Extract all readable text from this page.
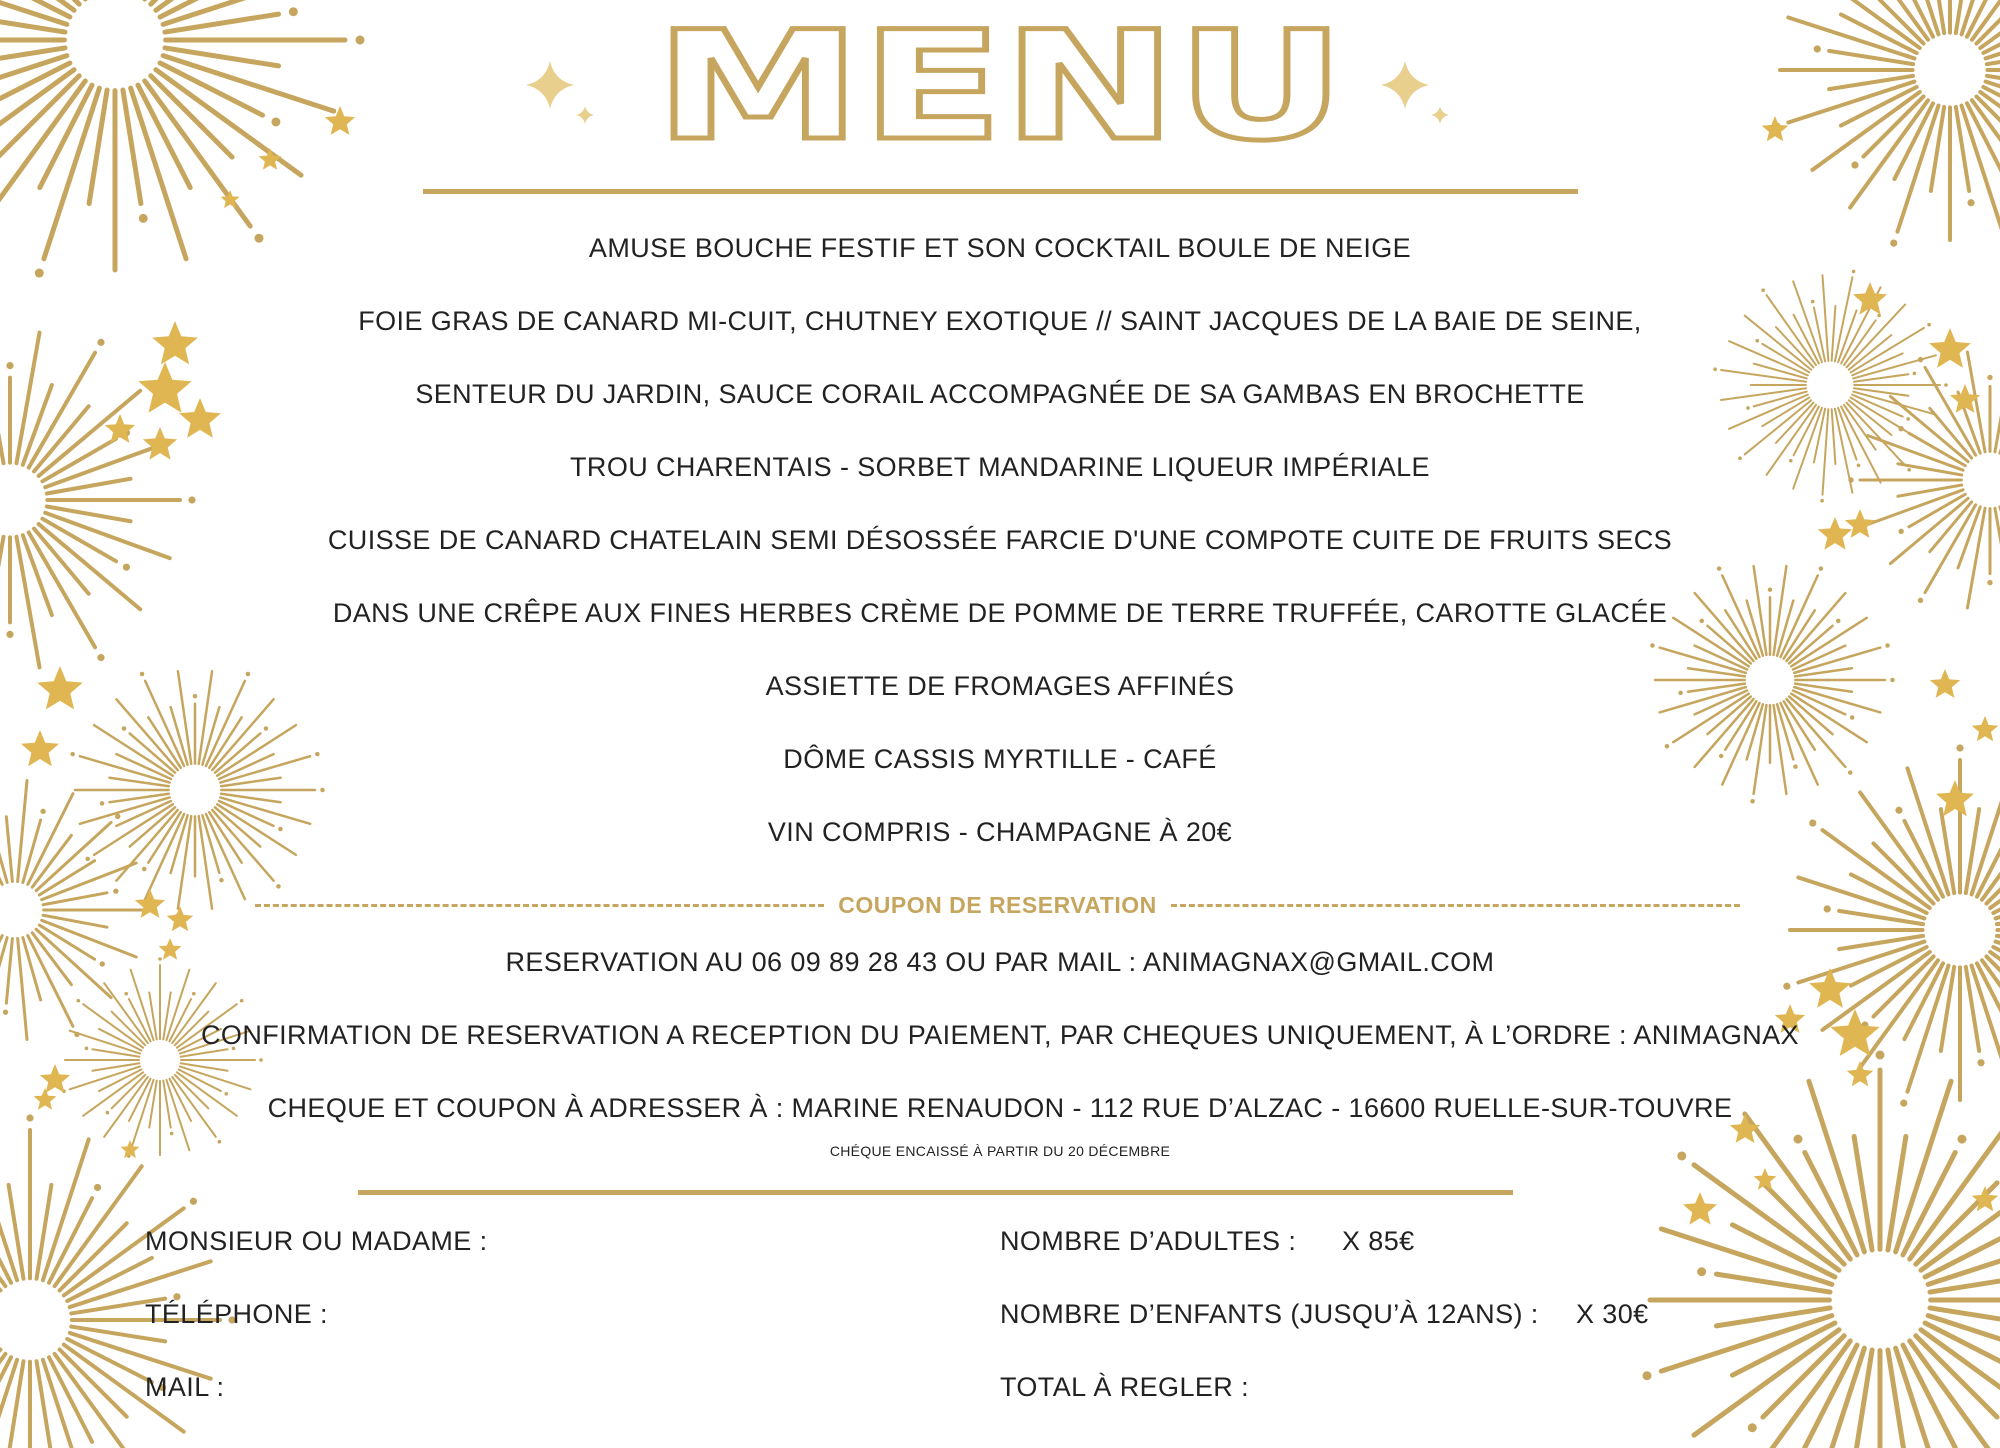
MENU
AMUSE BOUCHE FESTIF ET SON COCKTAIL BOULE DE NEIGE
FOIE GRAS DE CANARD MI-CUIT, CHUTNEY EXOTIQUE // SAINT JACQUES DE LA BAIE DE SEINE,
SENTEUR DU JARDIN, SAUCE CORAIL ACCOMPAGNÉE DE SA GAMBAS EN BROCHETTE
TROU CHARENTAIS - SORBET MANDARINE LIQUEUR IMPÉRIALE
CUISSE DE CANARD CHATELAIN SEMI DÉSOSSÉE FARCIE D'UNE COMPOTE CUITE DE FRUITS SECS
DANS UNE CRÊPE AUX FINES HERBES CRÈME DE POMME DE TERRE TRUFFÉE, CAROTTE GLACÉE
ASSIETTE DE FROMAGES AFFINÉS
DÔME CASSIS MYRTILLE - CAFÉ
VIN COMPRIS - CHAMPAGNE À 20€
COUPON DE RESERVATION
RESERVATION AU 06 09 89 28 43 OU PAR MAIL : ANIMAGNAX@GMAIL.COM
CONFIRMATION DE RESERVATION A RECEPTION DU PAIEMENT, PAR CHEQUES UNIQUEMENT, À L’ORDRE : ANIMAGNAX
CHEQUE ET COUPON À ADRESSER À : MARINE RENAUDON - 112 RUE D’ALZAC - 16600 RUELLE-SUR-TOUVRE
CHÉQUE ENCAISSÉ À PARTIR DU 20 DÉCEMBRE
MONSIEUR OU MADAME :
TÉLÉPHONE :
MAIL :
NOMBRE D’ADULTES : X 85€
NOMBRE D’ENFANTS (JUSQU’À 12ANS) : X 30€
TOTAL À REGLER :
